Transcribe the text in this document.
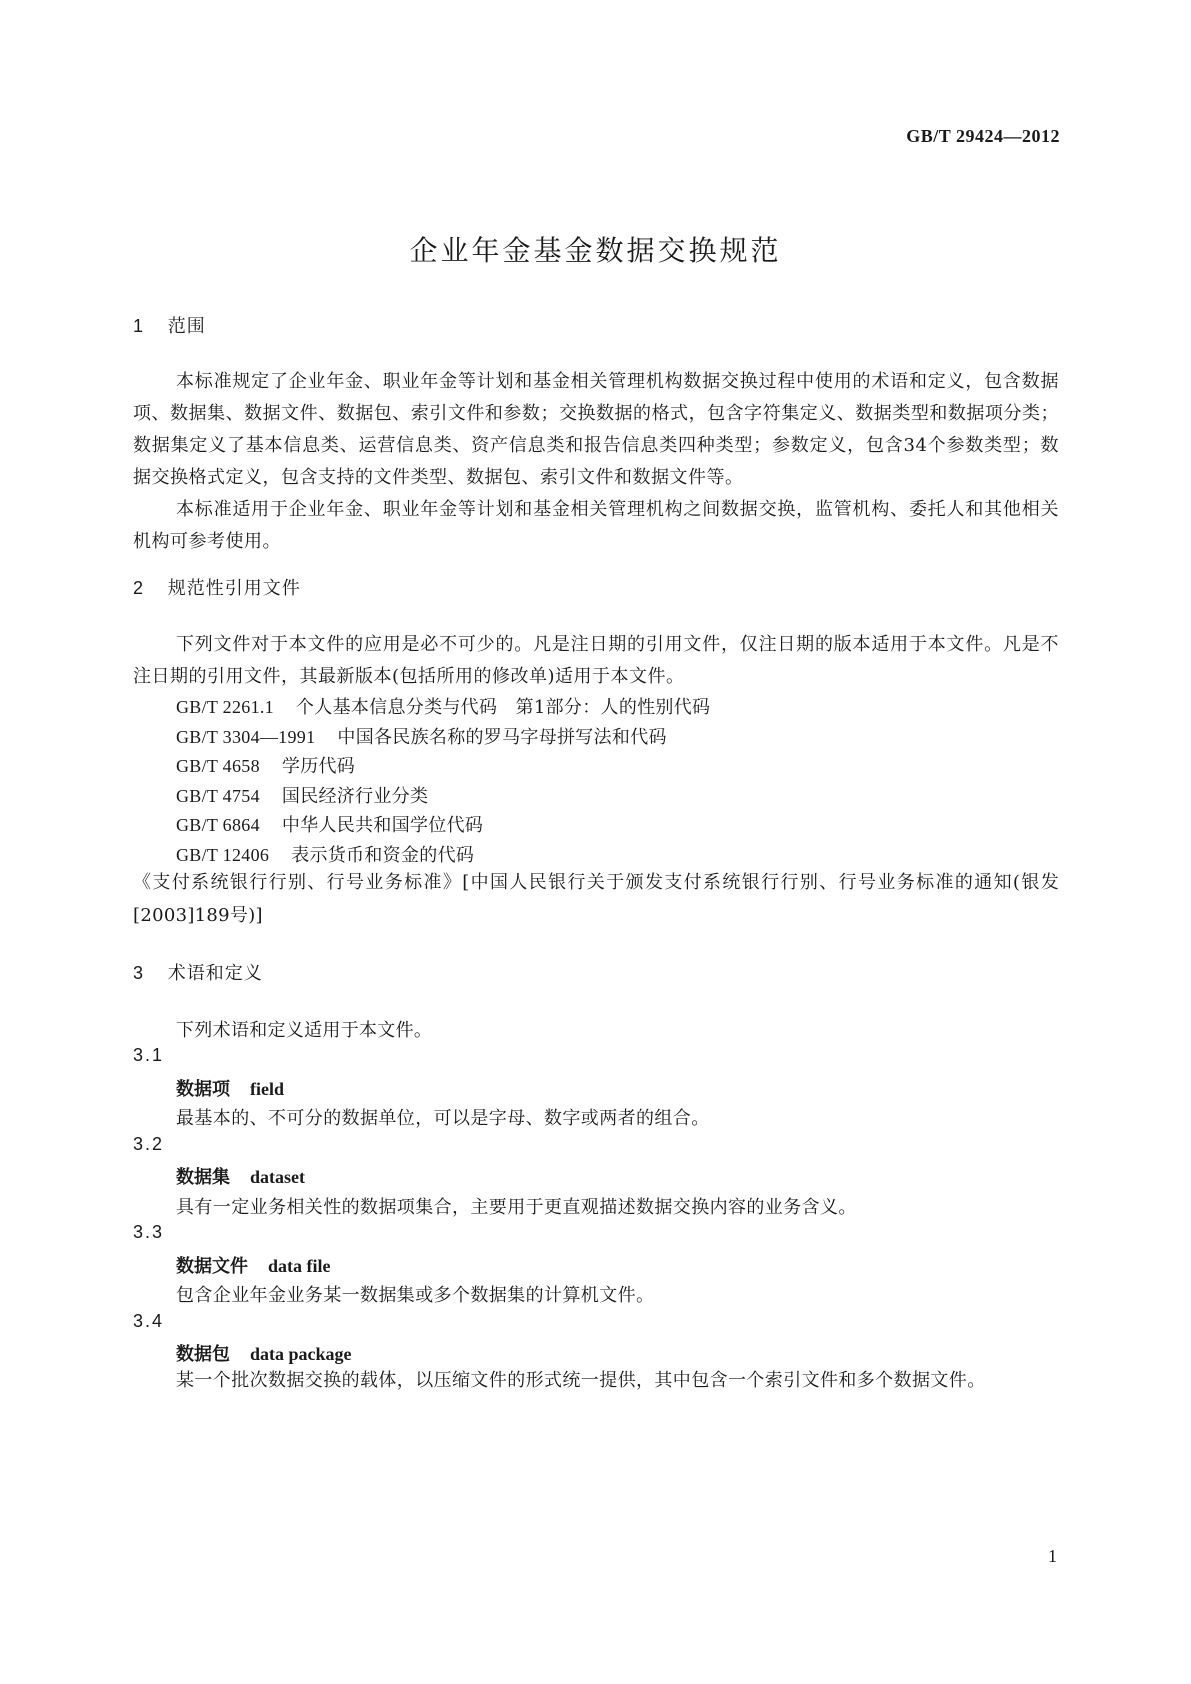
GB/T 29424—2012
企业年金基金数据交换规范
1 范围
本标准规定了企业年金、职业年金等计划和基金相关管理机构数据交换过程中使用的术语和定义，包含数据项、数据集、数据文件、数据包、索引文件和参数；交换数据的格式，包含字符集定义、数据类型和数据项分类；数据集定义了基本信息类、运营信息类、资产信息类和报告信息类四种类型；参数定义，包含34个参数类型；数据交换格式定义，包含支持的文件类型、数据包、索引文件和数据文件等。
本标准适用于企业年金、职业年金等计划和基金相关管理机构之间数据交换，监管机构、委托人和其他相关机构可参考使用。
2 规范性引用文件
下列文件对于本文件的应用是必不可少的。凡是注日期的引用文件，仅注日期的版本适用于本文件。凡是不注日期的引用文件，其最新版本(包括所用的修改单)适用于本文件。
GB/T 2261.1 个人基本信息分类与代码　第1部分：人的性别代码
GB/T 3304—1991 中国各民族名称的罗马字母拼写法和代码
GB/T 4658 学历代码
GB/T 4754 国民经济行业分类
GB/T 6864 中华人民共和国学位代码
GB/T 12406 表示货币和资金的代码
《支付系统银行行别、行号业务标准》[中国人民银行关于颁发支付系统银行行别、行号业务标准的通知(银发[2003]189号)]
3 术语和定义
下列术语和定义适用于本文件。
3.1
数据项 field
最基本的、不可分的数据单位，可以是字母、数字或两者的组合。
3.2
数据集 dataset
具有一定业务相关性的数据项集合，主要用于更直观描述数据交换内容的业务含义。
3.3
数据文件 data file
包含企业年金业务某一数据集或多个数据集的计算机文件。
3.4
数据包 data package
某一个批次数据交换的载体，以压缩文件的形式统一提供，其中包含一个索引文件和多个数据文件。
1
